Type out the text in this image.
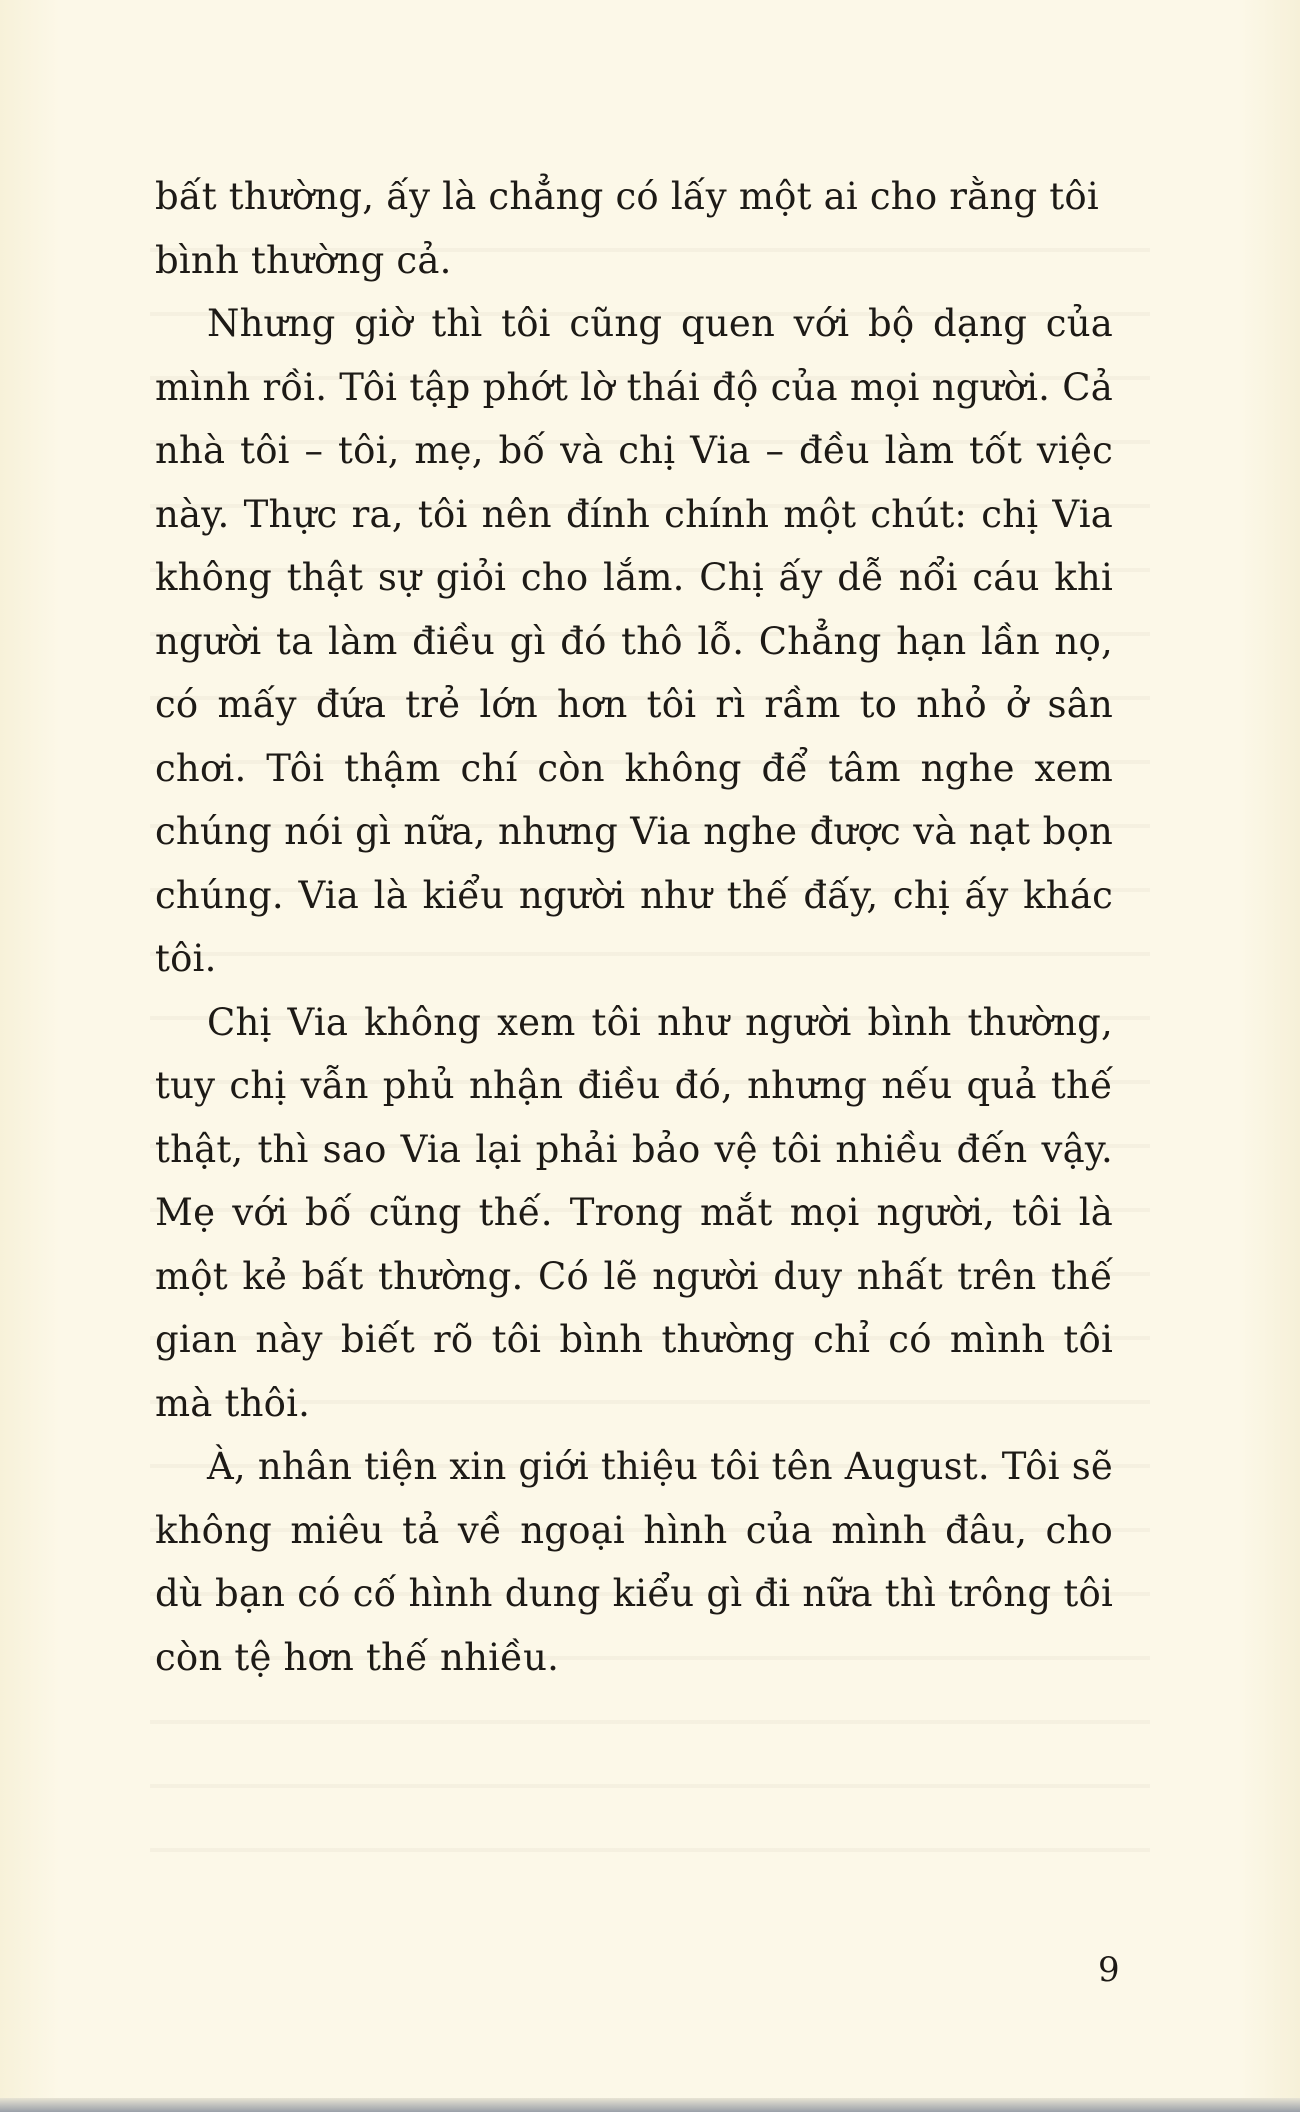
bất thường, ấy là chẳng có lấy một ai cho rằng tôi bình thường cả.

Nhưng giờ thì tôi cũng quen với bộ dạng của mình rồi. Tôi tập phớt lờ thái độ của mọi người. Cả nhà tôi – tôi, mẹ, bố và chị Via – đều làm tốt việc này. Thực ra, tôi nên đính chính một chút: chị Via không thật sự giỏi cho lắm. Chị ấy dễ nổi cáu khi người ta làm điều gì đó thô lỗ. Chẳng hạn lần nọ, có mấy đứa trẻ lớn hơn tôi rì rầm to nhỏ ở sân chơi. Tôi thậm chí còn không để tâm nghe xem chúng nói gì nữa, nhưng Via nghe được và nạt bọn chúng. Via là kiểu người như thế đấy, chị ấy khác tôi.

Chị Via không xem tôi như người bình thường, tuy chị vẫn phủ nhận điều đó, nhưng nếu quả thế thật, thì sao Via lại phải bảo vệ tôi nhiều đến vậy. Mẹ với bố cũng thế. Trong mắt mọi người, tôi là một kẻ bất thường. Có lẽ người duy nhất trên thế gian này biết rõ tôi bình thường chỉ có mình tôi mà thôi.

À, nhân tiện xin giới thiệu tôi tên August. Tôi sẽ không miêu tả về ngoại hình của mình đâu, cho dù bạn có cố hình dung kiểu gì đi nữa thì trông tôi còn tệ hơn thế nhiều.

9
